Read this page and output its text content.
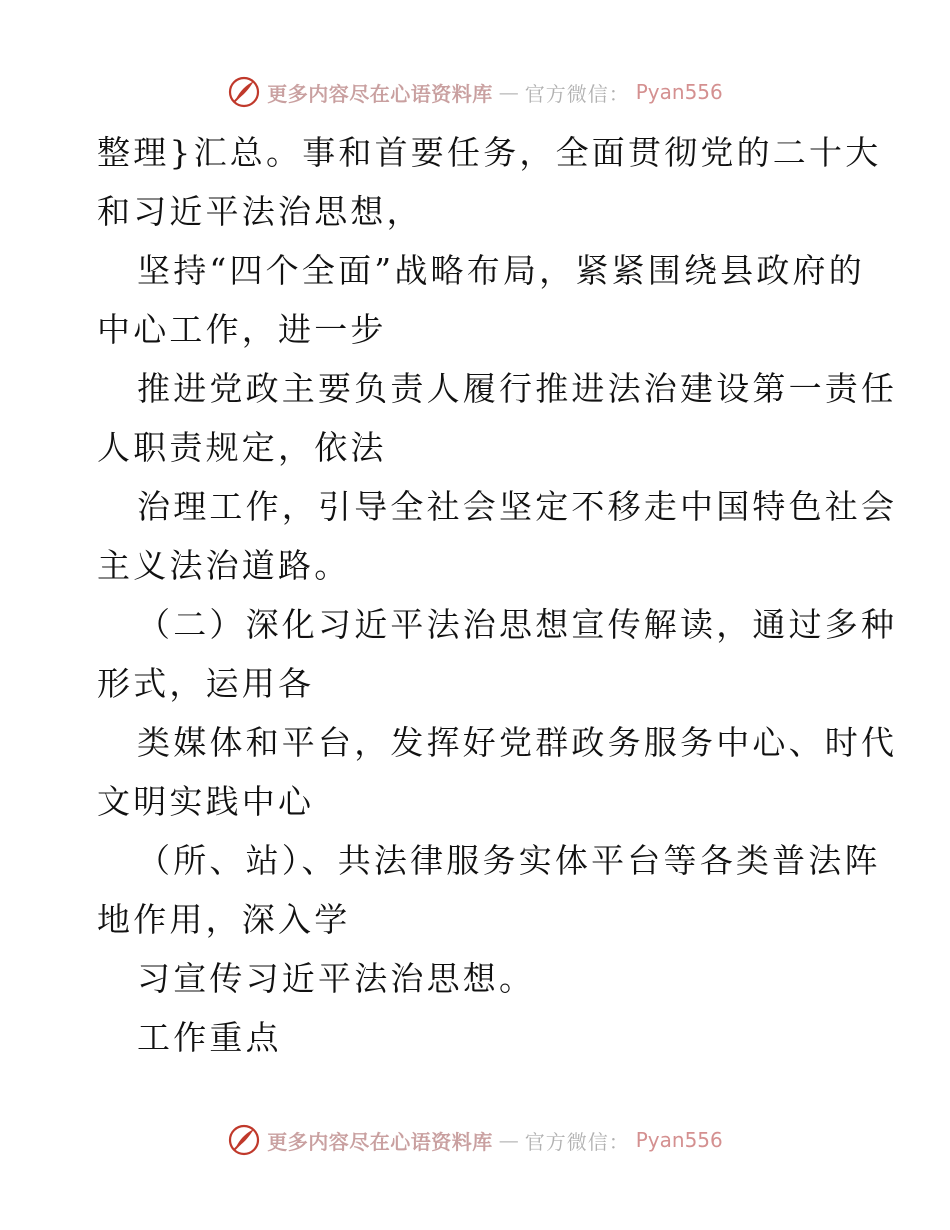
更多内容尽在心语资料库 — 官方微信： Pyan556
整理}汇总。事和首要任务，全面贯彻党的二十大
和习近平法治思想，
坚持“四个全面”战略布局，紧紧围绕县政府的
中心工作，进一步
推进党政主要负责人履行推进法治建设第一责任
人职责规定，依法
治理工作，引导全社会坚定不移走中国特色社会
主义法治道路。
（二）深化习近平法治思想宣传解读，通过多种
形式，运用各
类媒体和平台，发挥好党群政务服务中心、时代
文明实践中心
（所、站）、共法律服务实体平台等各类普法阵
地作用，深入学
习宣传习近平法治思想。
工作重点
更多内容尽在心语资料库 — 官方微信： Pyan556
